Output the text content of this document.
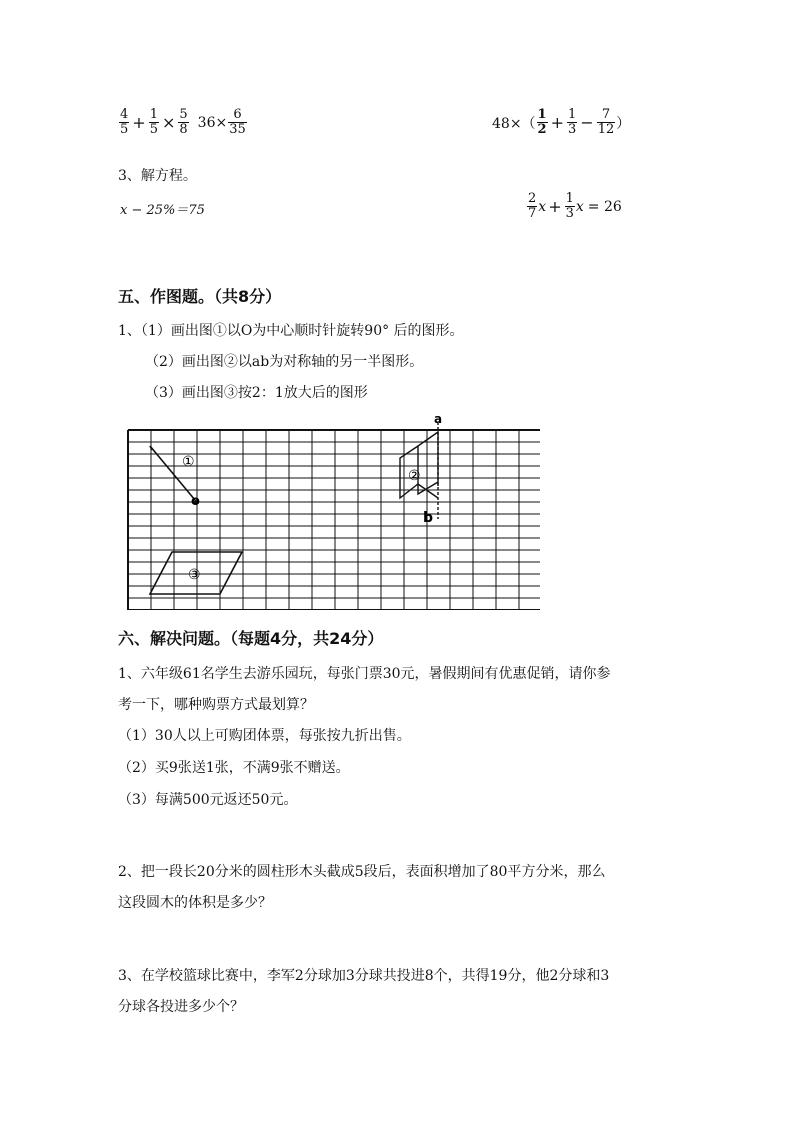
$\frac{4}{5} + \frac{1}{5} \times \frac{5}{8} 36\times \frac{6}{35}$	$48\times( \frac{1}{2} + \frac{1}{3} - \frac{7}{12}$ ）
3、解方程。
x − 25%＝75	$\frac{2}{7}$ $x + \frac{1}{3}$ x = 26
五、作图题。（共8分）
1、（1）画出图①以O为中心顺时针旋转90° 后的图形。
（2）画出图②以ab为对称轴的另一半图形。
（3）画出图③按2：1放大后的图形
①
o
②
a
b
③
六、解决问题。（每题4分，共24分）
1、六年级61名学生去游乐园玩，每张门票30元，暑假期间有优惠促销，请你参
考一下，哪种购票方式最划算？
（1）30人以上可购团体票，每张按九折出售。
（2）买9张送1张，不满9张不赠送。
（3）每满500元返还50元。
2、把一段长20分米的圆柱形木头截成5段后，表面积增加了80平方分米，那么
这段圆木的体积是多少？
3、在学校篮球比赛中，李军2分球加3分球共投进8个，共得19分，他2分球和3
分球各投进多少个？
